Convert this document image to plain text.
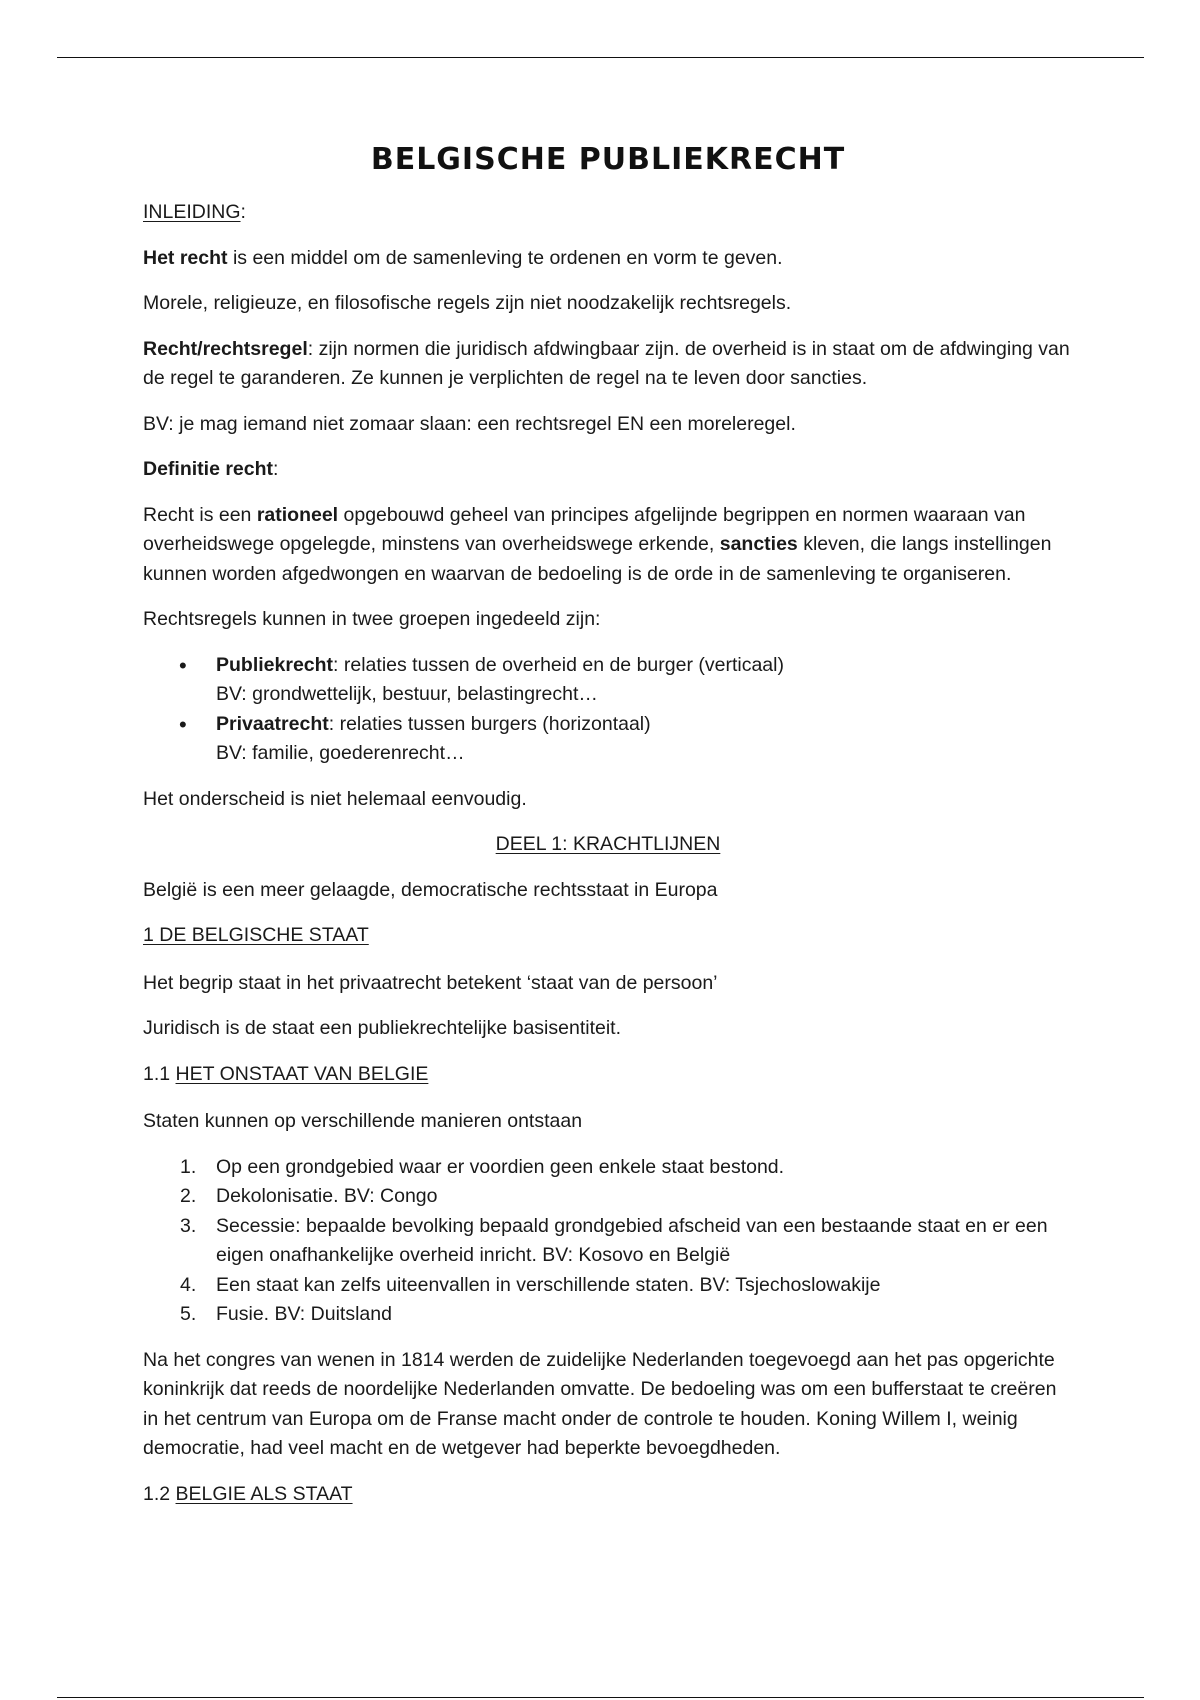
BELGISCHE PUBLIEKRECHT

INLEIDING:

Het recht is een middel om de samenleving te ordenen en vorm te geven.

Morele, religieuze, en filosofische regels zijn niet noodzakelijk rechtsregels.

Recht/rechtsregel: zijn normen die juridisch afdwingbaar zijn. de overheid is in staat om de afdwinging van de regel te garanderen. Ze kunnen je verplichten de regel na te leven door sancties.

BV: je mag iemand niet zomaar slaan: een rechtsregel EN een moreleregel.

Definitie recht:

Recht is een rationeel opgebouwd geheel van principes afgelijnde begrippen en normen waaraan van overheidswege opgelegde, minstens van overheidswege erkende, sancties kleven, die langs instellingen kunnen worden afgedwongen en waarvan de bedoeling is de orde in de samenleving te organiseren.

Rechtsregels kunnen in twee groepen ingedeeld zijn:

• Publiekrecht: relaties tussen de overheid en de burger (verticaal)
BV: grondwettelijk, bestuur, belastingrecht…
• Privaatrecht: relaties tussen burgers (horizontaal)
BV: familie, goederenrecht…

Het onderscheid is niet helemaal eenvoudig.

DEEL 1: KRACHTLIJNEN

België is een meer gelaagde, democratische rechtsstaat in Europa

1 DE BELGISCHE STAAT

Het begrip staat in het privaatrecht betekent ‘staat van de persoon’

Juridisch is de staat een publiekrechtelijke basisentiteit.

1.1 HET ONSTAAT VAN BELGIE

Staten kunnen op verschillende manieren ontstaan

1. Op een grondgebied waar er voordien geen enkele staat bestond.
2. Dekolonisatie. BV: Congo
3. Secessie: bepaalde bevolking bepaald grondgebied afscheid van een bestaande staat en er een eigen onafhankelijke overheid inricht. BV: Kosovo en België
4. Een staat kan zelfs uiteenvallen in verschillende staten. BV: Tsjechoslowakije
5. Fusie. BV: Duitsland

Na het congres van wenen in 1814 werden de zuidelijke Nederlanden toegevoegd aan het pas opgerichte koninkrijk dat reeds de noordelijke Nederlanden omvatte. De bedoeling was om een bufferstaat te creëren in het centrum van Europa om de Franse macht onder de controle te houden. Koning Willem I, weinig democratie, had veel macht en de wetgever had beperkte bevoegdheden.

1.2 BELGIE ALS STAAT
